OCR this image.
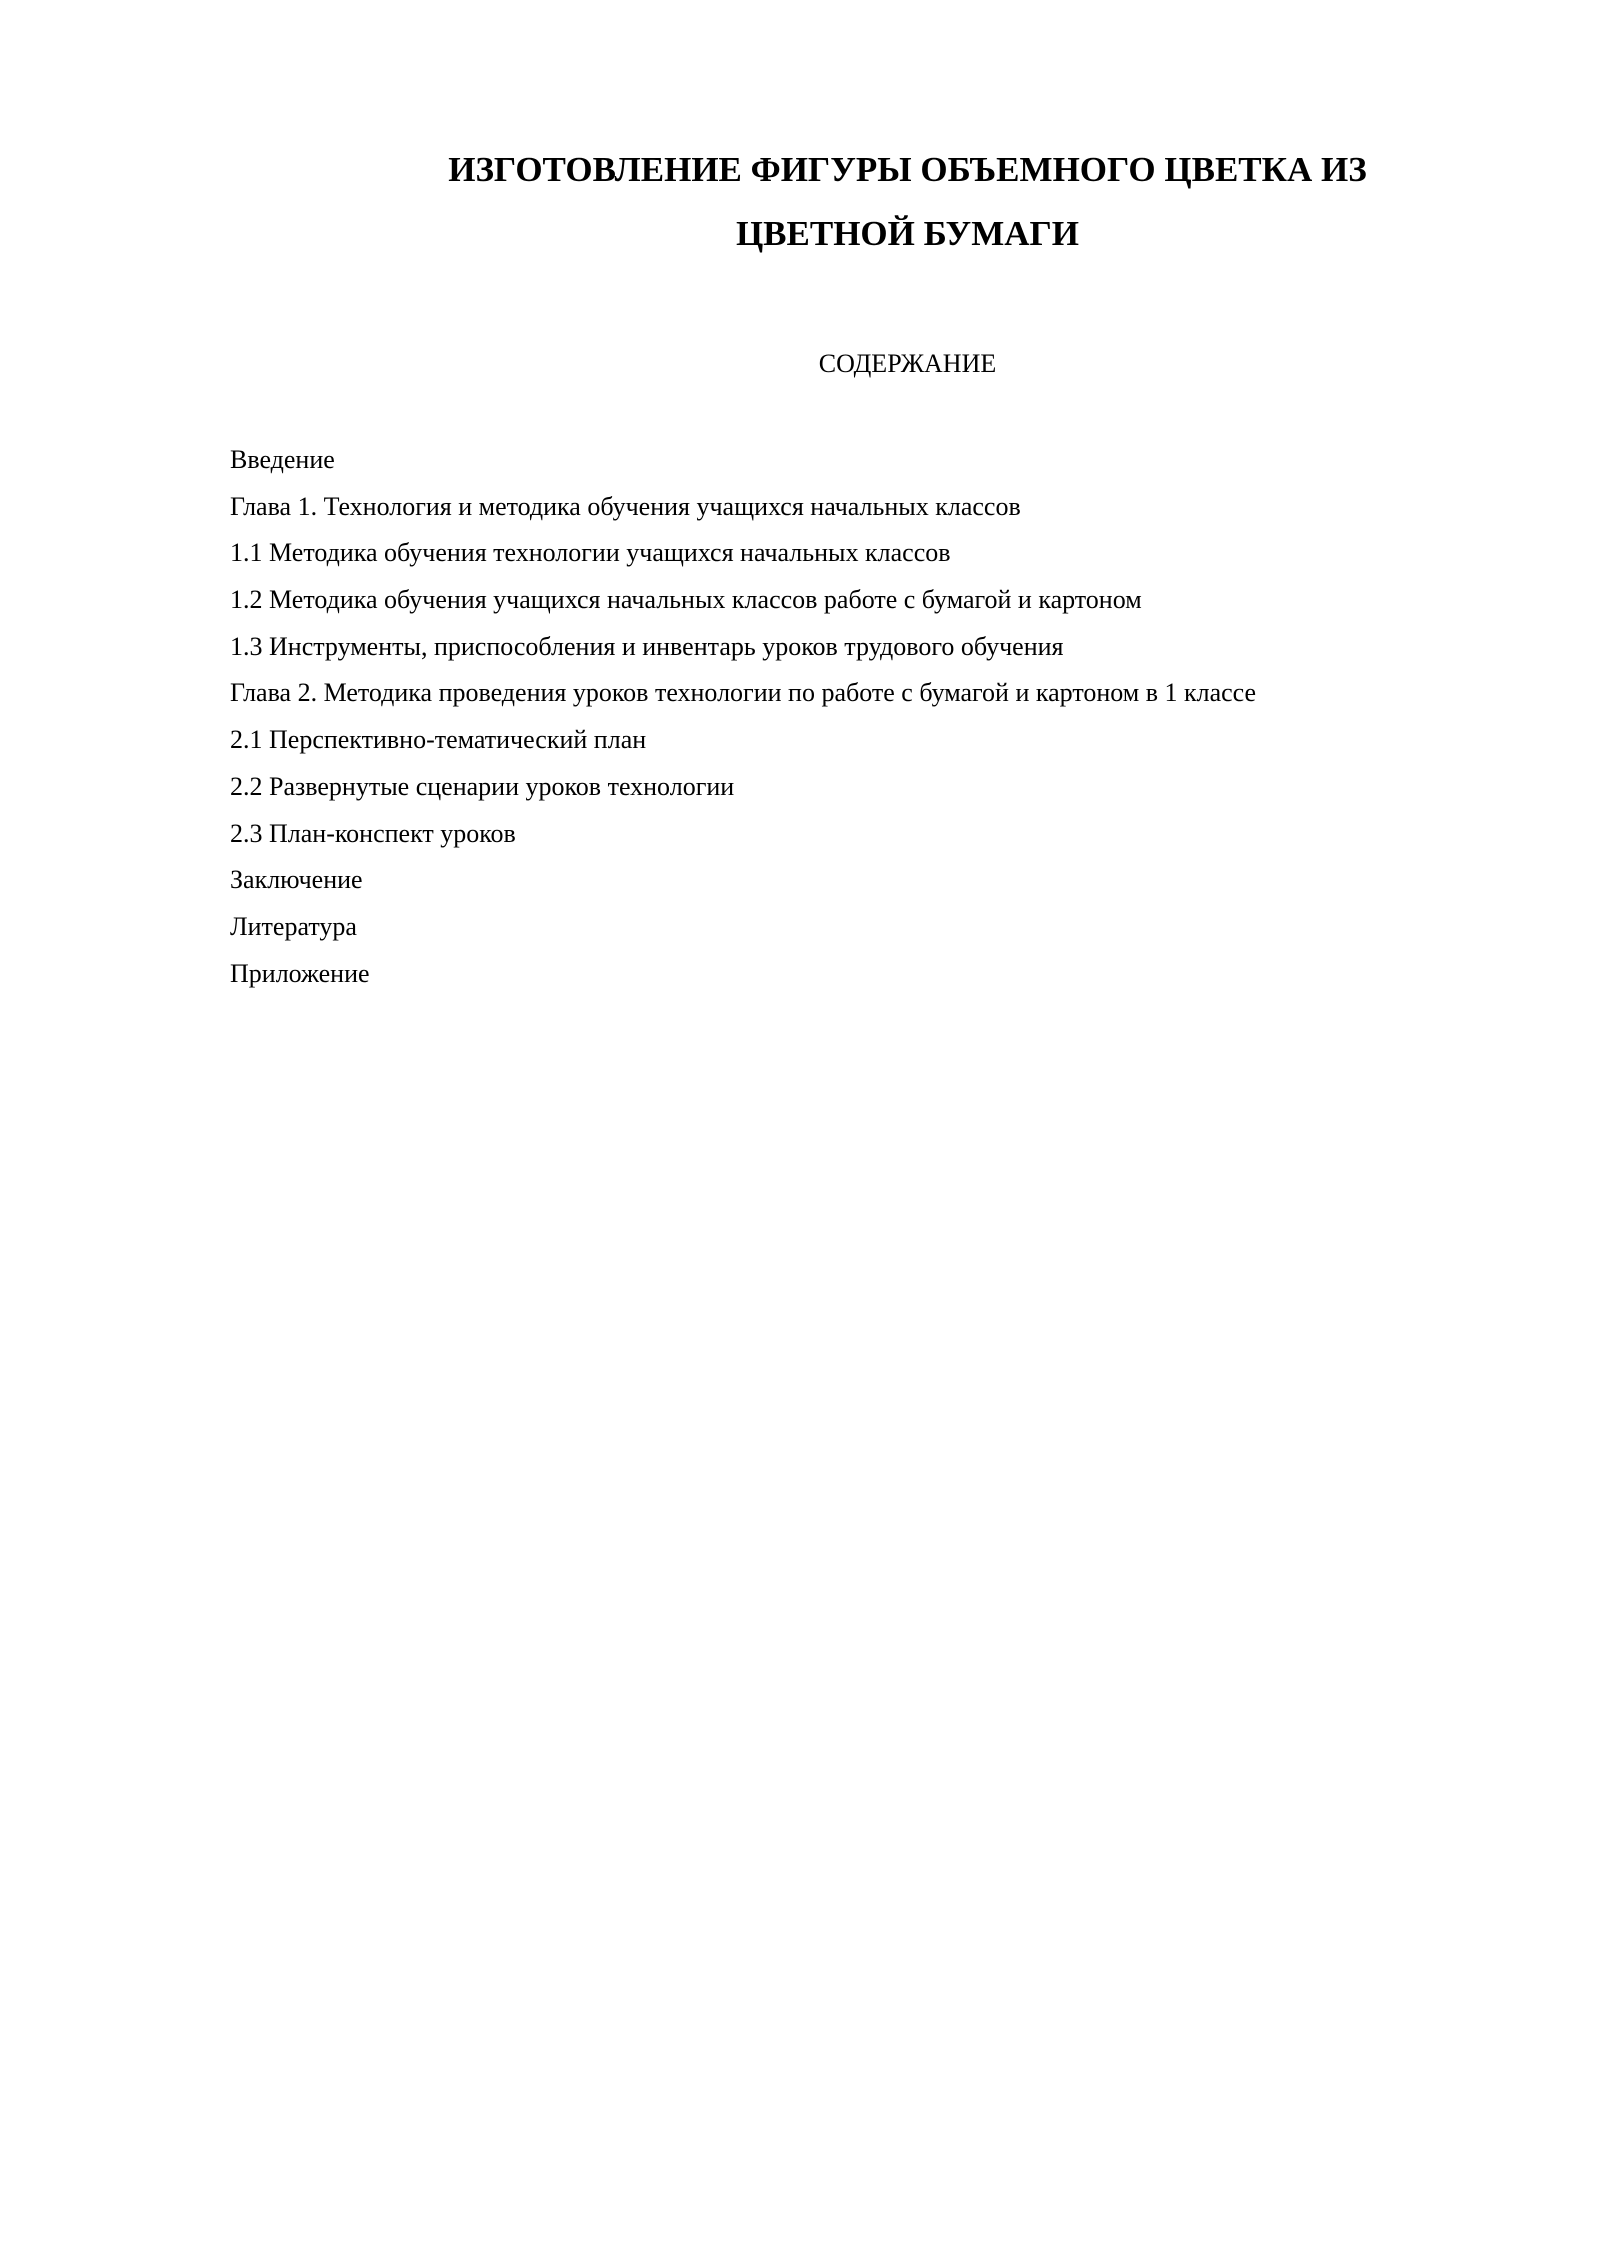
ИЗГОТОВЛЕНИЕ ФИГУРЫ ОБЪЕМНОГО ЦВЕТКА ИЗ
ЦВЕТНОЙ БУМАГИ
СОДЕРЖАНИЕ
Введение
Глава 1. Технология и методика обучения учащихся начальных классов
1.1 Методика обучения технологии учащихся начальных классов
1.2 Методика обучения учащихся начальных классов работе с бумагой и картоном
1.3 Инструменты, приспособления и инвентарь уроков трудового обучения
Глава 2. Методика проведения уроков технологии по работе с бумагой и картоном в 1 классе
2.1 Перспективно-тематический план
2.2 Развернутые сценарии уроков технологии
2.3 План-конспект уроков
Заключение
Литература
Приложение
